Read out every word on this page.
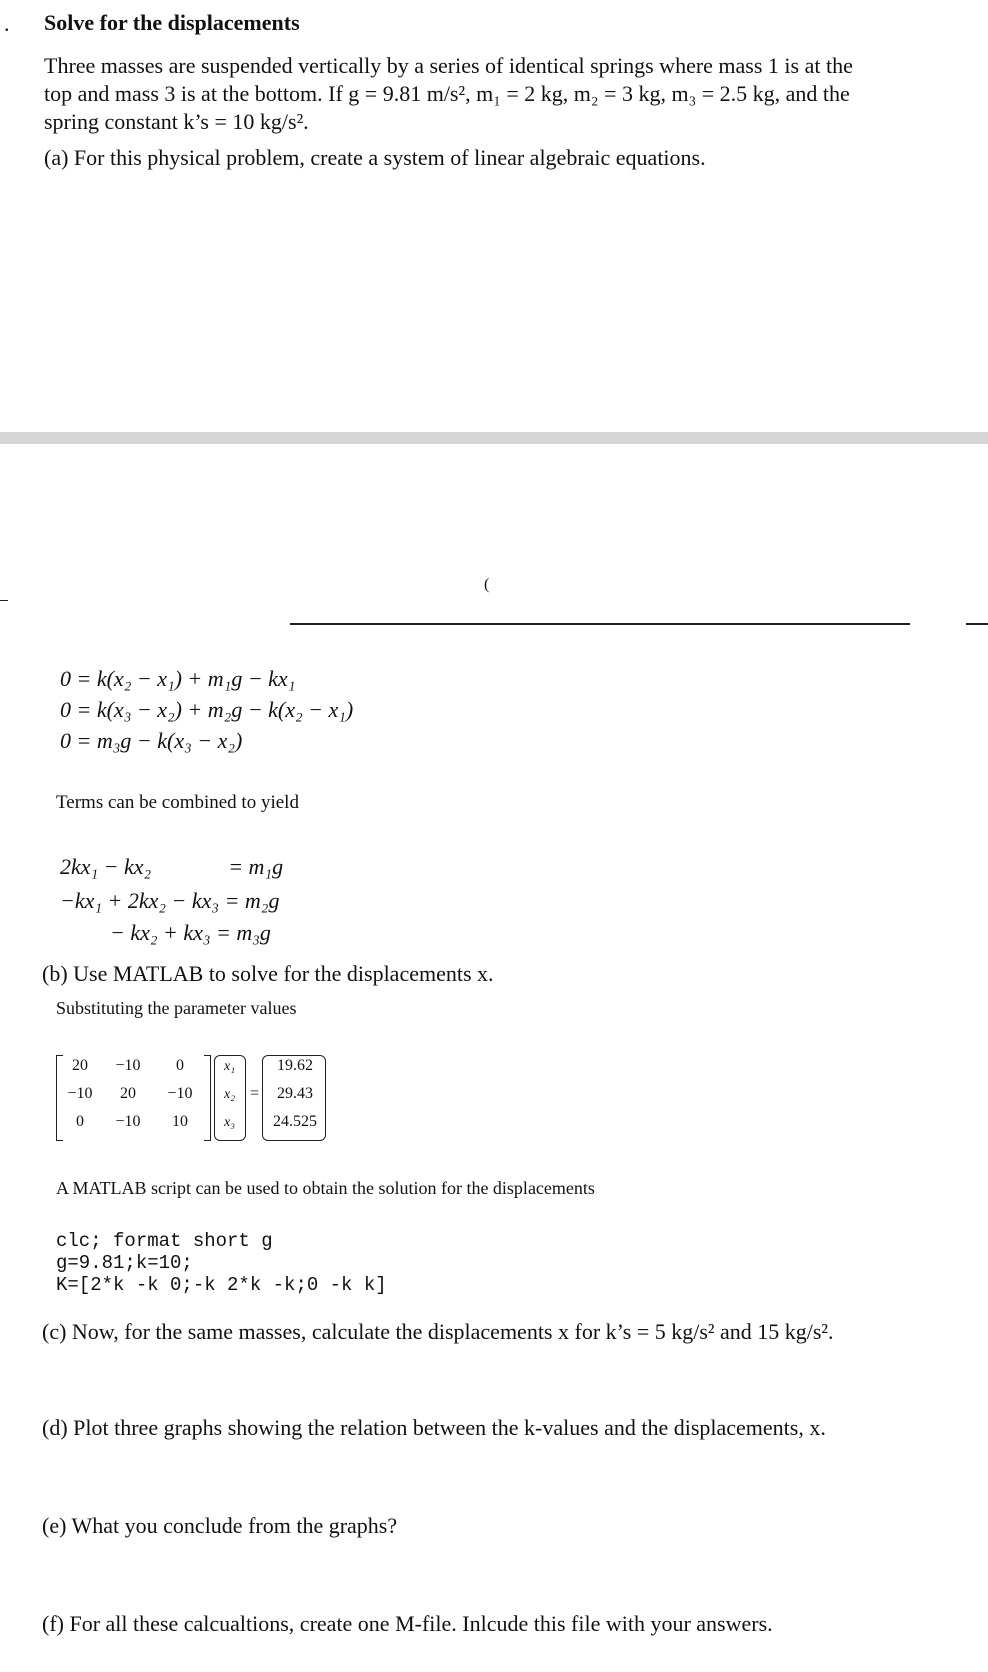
. Solve for the displacements
Three masses are suspended vertically by a series of identical springs where mass 1 is at the
top and mass 3 is at the bottom. If g = 9.81 m/s², m₁ = 2 kg, m₂ = 3 kg, m₃ = 2.5 kg, and the
spring constant k’s = 10 kg/s².
(a) For this physical problem, create a system of linear algebraic equations.
(
0 = k(x₂ − x₁) + m₁g − kx₁
0 = k(x₃ − x₂) + m₂g − k(x₂ − x₁)
0 = m₃g − k(x₃ − x₂)
Terms can be combined to yield
2kx₁ − kx₂              = m₁g
−kx₁ + 2kx₂ − kx₃ = m₂g
− kx₂ + kx₃ = m₃g
(b) Use MATLAB to solve for the displacements x.
Substituting the parameter values
20	−10	0
−10	20	−10
0	−10	10
x₁
x₂
x₃
=
19.62
29.43
24.525
A MATLAB script can be used to obtain the solution for the displacements
clc; format short g
g=9.81;k=10;
K=[2*k -k 0;-k 2*k -k;0 -k k]
(c) Now, for the same masses, calculate the displacements x for k’s = 5 kg/s² and 15 kg/s².
(d) Plot three graphs showing the relation between the k-values and the displacements, x.
(e) What you conclude from the graphs?
(f) For all these calcualtions, create one M-file. Inlcude this file with your answers.
